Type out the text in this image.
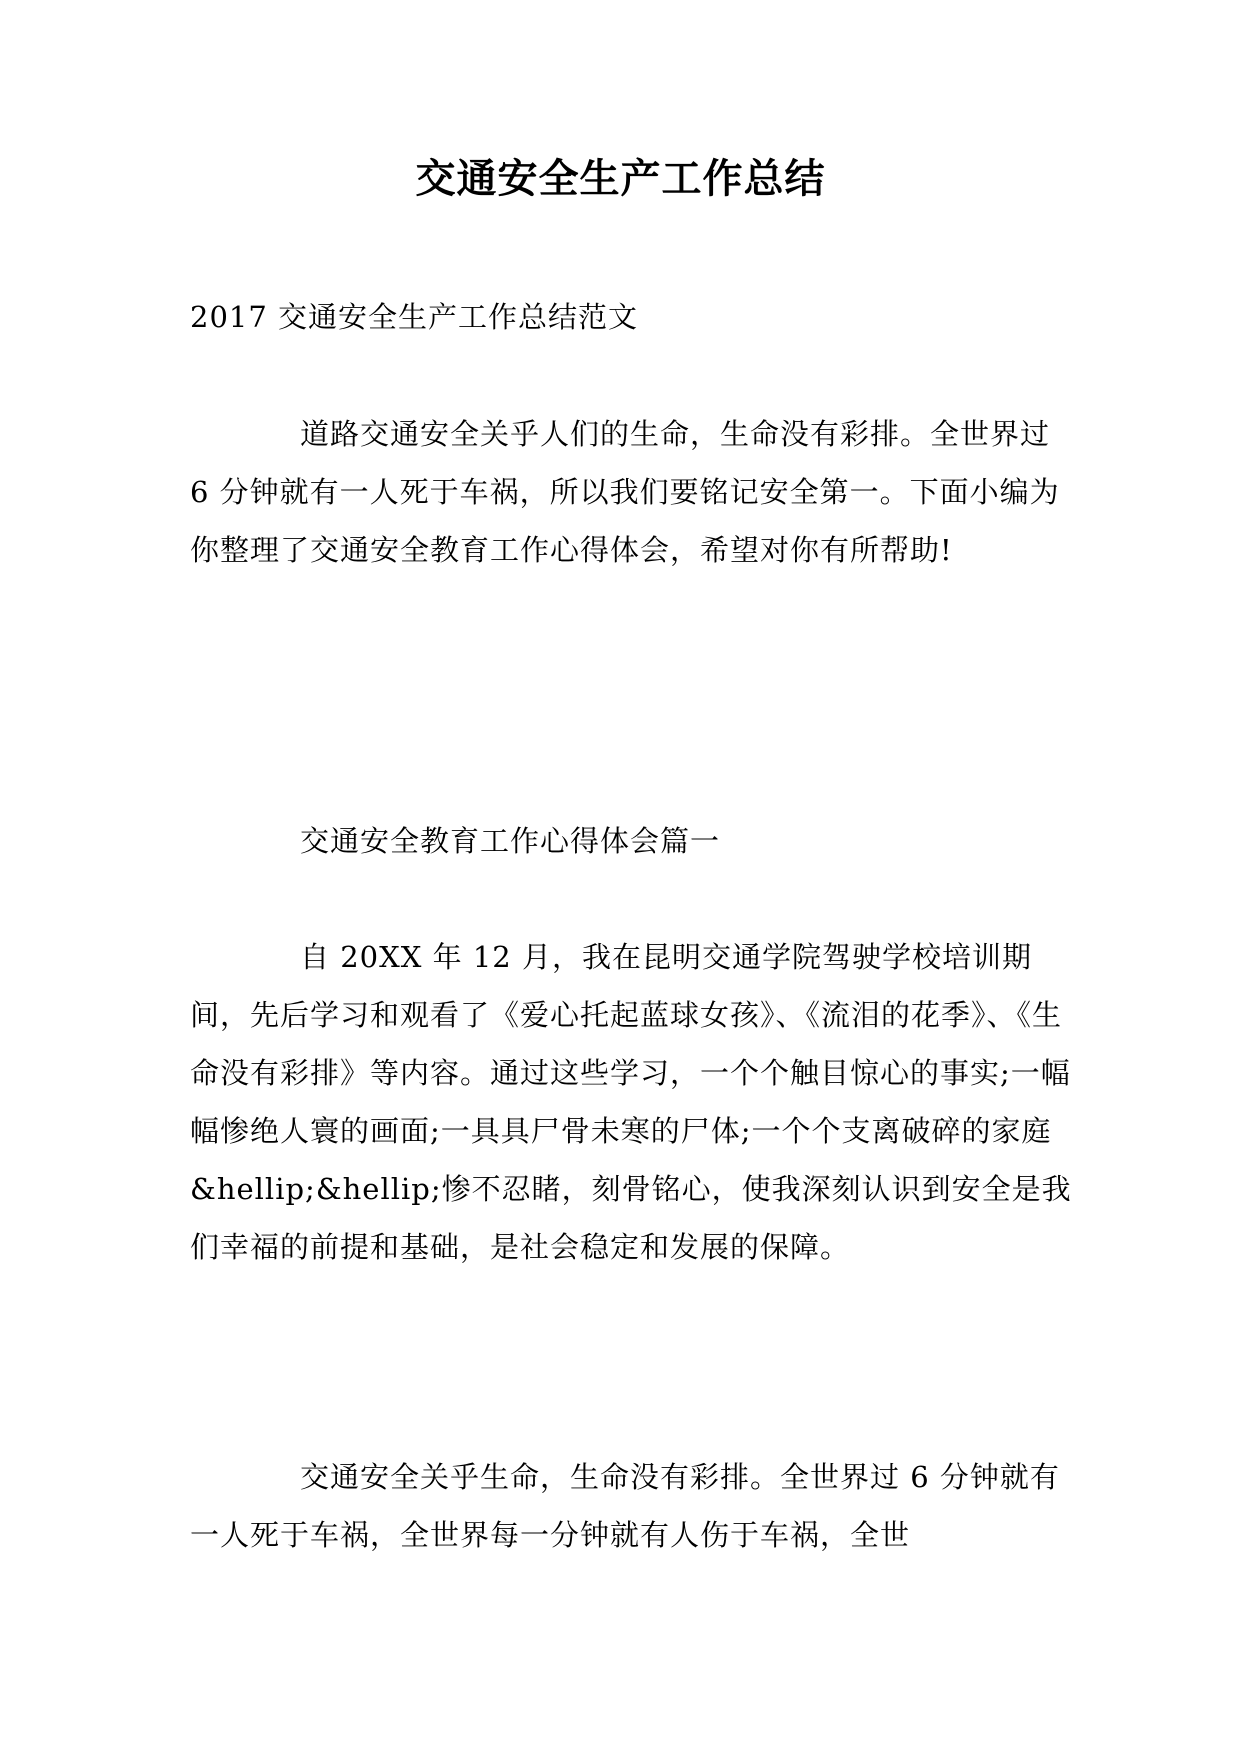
交通安全生产工作总结

2017 交通安全生产工作总结范文

道路交通安全关乎人们的生命，生命没有彩排。全世界过 6 分钟就有一人死于车祸，所以我们要铭记安全第一。下面小编为你整理了交通安全教育工作心得体会，希望对你有所帮助!

交通安全教育工作心得体会篇一

自 20XX 年 12 月，我在昆明交通学院驾驶学校培训期间，先后学习和观看了《爱心托起蓝球女孩》、《流泪的花季》、《生命没有彩排》等内容。通过这些学习，一个个触目惊心的事实;一幅幅惨绝人寰的画面;一具具尸骨未寒的尸体;一个个支离破碎的家庭&hellip;&hellip;惨不忍睹，刻骨铭心，使我深刻认识到安全是我们幸福的前提和基础，是社会稳定和发展的保障。

交通安全关乎生命，生命没有彩排。全世界过 6 分钟就有一人死于车祸，全世界每一分钟就有人伤于车祸，全世
